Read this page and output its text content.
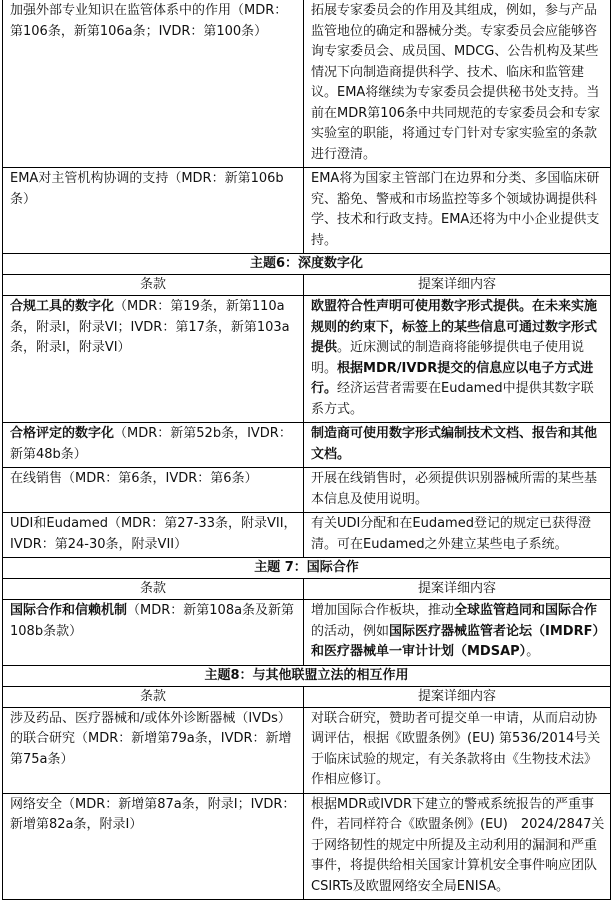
加强外部专业知识在监管体系中的作用（MDR：第106条，新第106a条；IVDR：第100条）	拓展专家委员会的作用及其组成，例如，参与产品监管地位的确定和器械分类。专家委员会应能够咨询专家委员会、成员国、MDCG、公告机构及某些情况下向制造商提供科学、技术、临床和监管建议。EMA将继续为专家委员会提供秘书处支持。当前在MDR第106条中共同规范的专家委员会和专家实验室的职能，将通过专门针对专家实验室的条款进行澄清。
EMA对主管机构协调的支持（MDR：新第106b条）	EMA将为国家主管部门在边界和分类、多国临床研究、豁免、警戒和市场监控等多个领域协调提供科学、技术和行政支持。EMA还将为中小企业提供支持。
主题6：深度数字化	
条款	提案详细内容
合规工具的数字化（MDR：第19条，新第110a条，附录I，附录VI；IVDR：第17条，新第103a条，附录I，附录VI）	欧盟符合性声明可使用数字形式提供。在未来实施规则的约束下，标签上的某些信息可通过数字形式提供。近床测试的制造商将能够提供电子使用说明。根据MDR/IVDR提交的信息应以电子方式进行。经济运营者需要在Eudamed中提供其数字联系方式。
合格评定的数字化（MDR：新第52b条，IVDR：新第48b条）	制造商可使用数字形式编制技术文档、报告和其他文档。
在线销售（MDR：第6条，IVDR：第6条）	开展在线销售时，必须提供识别器械所需的某些基本信息及使用说明。
UDI和Eudamed（MDR：第27-33条，附录VII，IVDR：第24-30条，附录VII）	有关UDI分配和在Eudamed登记的规定已获得澄清。可在Eudamed之外建立某些电子系统。
主题 7：国际合作	
条款	提案详细内容
国际合作和信赖机制（MDR：新第108a条及新第108b条款）	增加国际合作板块，推动全球监管趋同和国际合作的活动，例如国际医疗器械监管者论坛（IMDRF）和医疗器械单一审计计划（MDSAP）。
主题8：与其他联盟立法的相互作用	
条款	提案详细内容
涉及药品、医疗器械和/或体外诊断器械（IVDs）的联合研究（MDR：新增第79a条，IVDR：新增第75a条）	对联合研究，赞助者可提交单一申请，从而启动协调评估，根据《欧盟条例》(EU) 第536/2014号关于临床试验的规定，有关条款将由《生物技术法》作相应修订。
网络安全（MDR：新增第87a条，附录I；IVDR：新增第82a条，附录I）	根据MDR或IVDR下建立的警戒系统报告的严重事件，若同样符合《欧盟条例》(EU)　2024/2847关于网络韧性的规定中所提及主动利用的漏洞和严重事件，将提供给相关国家计算机安全事件响应团队CSIRTs及欧盟网络安全局ENISA。
